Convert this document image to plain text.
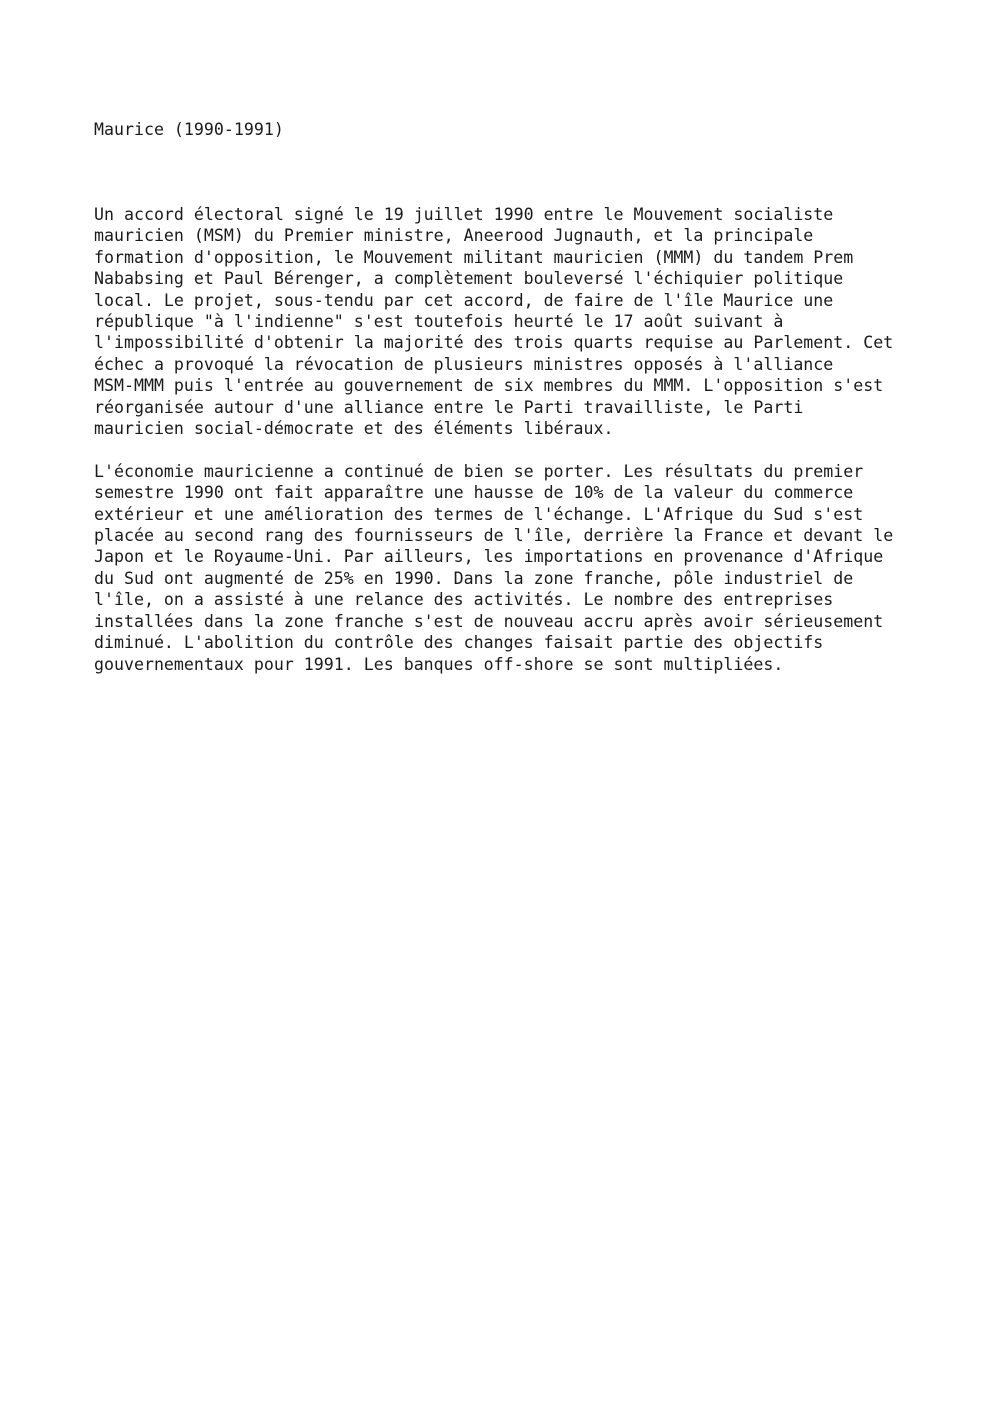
Maurice (1990-1991)

Un accord électoral signé le 19 juillet 1990 entre le Mouvement socialiste
mauricien (MSM) du Premier ministre, Aneerood Jugnauth, et la principale
formation d'opposition, le Mouvement militant mauricien (MMM) du tandem Prem
Nababsing et Paul Bérenger, a complètement bouleversé l'échiquier politique
local. Le projet, sous-tendu par cet accord, de faire de l'île Maurice une
république "à l'indienne" s'est toutefois heurté le 17 août suivant à
l'impossibilité d'obtenir la majorité des trois quarts requise au Parlement. Cet
échec a provoqué la révocation de plusieurs ministres opposés à l'alliance
MSM-MMM puis l'entrée au gouvernement de six membres du MMM. L'opposition s'est
réorganisée autour d'une alliance entre le Parti travailliste, le Parti
mauricien social-démocrate et des éléments libéraux.

L'économie mauricienne a continué de bien se porter. Les résultats du premier
semestre 1990 ont fait apparaître une hausse de 10% de la valeur du commerce
extérieur et une amélioration des termes de l'échange. L'Afrique du Sud s'est
placée au second rang des fournisseurs de l'île, derrière la France et devant le
Japon et le Royaume-Uni. Par ailleurs, les importations en provenance d'Afrique
du Sud ont augmenté de 25% en 1990. Dans la zone franche, pôle industriel de
l'île, on a assisté à une relance des activités. Le nombre des entreprises
installées dans la zone franche s'est de nouveau accru après avoir sérieusement
diminué. L'abolition du contrôle des changes faisait partie des objectifs
gouvernementaux pour 1991. Les banques off-shore se sont multipliées.
